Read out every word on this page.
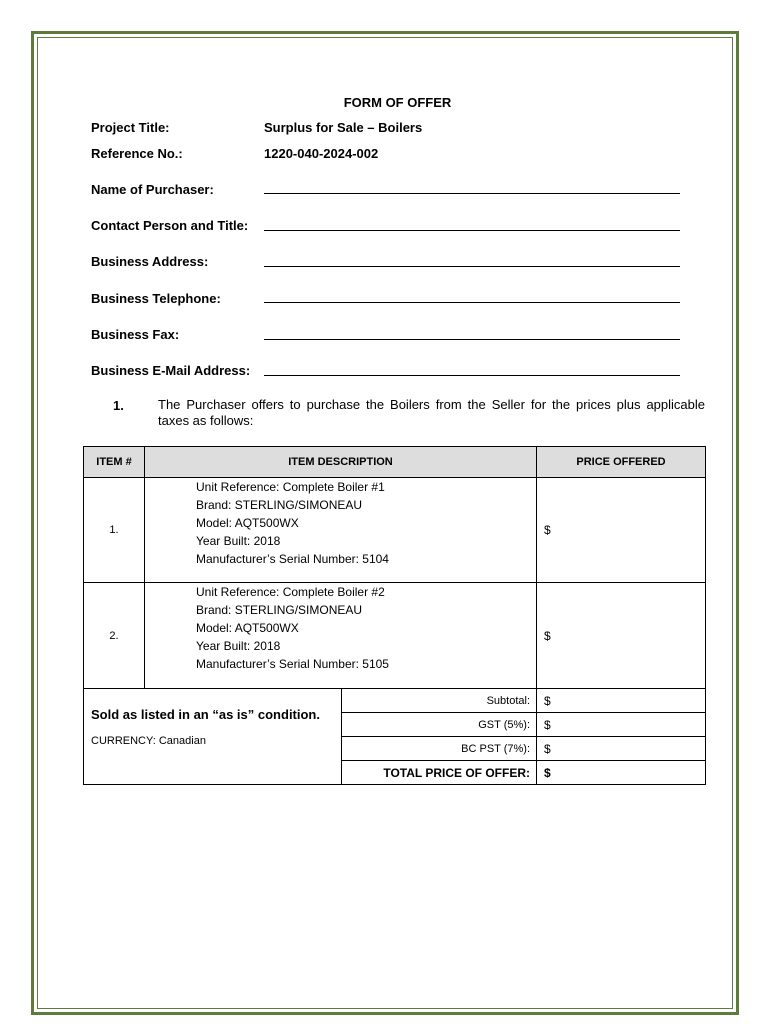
FORM OF OFFER
Project Title:	Surplus for Sale – Boilers
Reference No.:	1220-040-2024-002
Name of Purchaser:
Contact Person and Title:
Business Address:
Business Telephone:
Business Fax:
Business E-Mail Address:
1.	The Purchaser offers to purchase the Boilers from the Seller for the prices plus applicable taxes as follows:
ITEM #	ITEM DESCRIPTION		PRICE OFFERED
1.	Unit Reference: Complete Boiler #1
Brand: STERLING/SIMONEAU
Model: AQT500WX
Year Built: 2018
Manufacturer’s Serial Number: 5104		$
2.	Unit Reference: Complete Boiler #2
Brand: STERLING/SIMONEAU
Model: AQT500WX
Year Built: 2018
Manufacturer’s Serial Number: 5105		$

Sold as listed in an “as is” condition.
CURRENCY: Canadian		Subtotal:	$
		GST (5%):	$
		BC PST (7%):	$
		TOTAL PRICE OF OFFER:	$
